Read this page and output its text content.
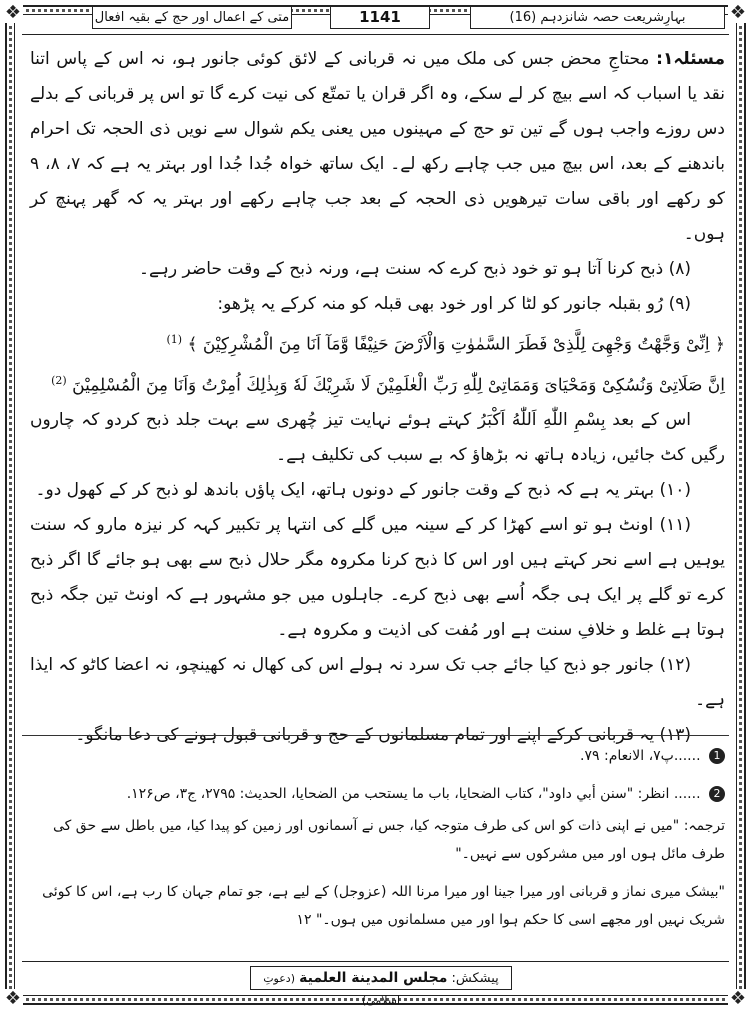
❖	❖
❖	❖
بہارِشریعت حصہ شانزدہم (16)
1141
متی کے اعمال اور حج کے بقیہ افعال

مسئلہ۱: محتاجِ محض جس کی ملک میں نہ قربانی کے لائق کوئی جانور ہو، نہ اس کے پاس اتنا نقد یا اسباب کہ اسے بیچ کر لے سکے، وہ اگر قران یا تمتّع کی نیت کرے گا تو اس پر قربانی کے بدلے دس روزے واجب ہوں گے تین تو حج کے مہینوں میں یعنی یکم شوال سے نویں ذی الحجہ تک احرام باندھنے کے بعد، اس بیچ میں جب چاہے رکھ لے۔ ایک ساتھ خواہ جُدا جُدا اور بہتر یہ ہے کہ ۷، ۸، ۹ کو رکھے اور باقی سات تیرھویں ذی الحجہ کے بعد جب چاہے رکھے اور بہتر یہ کہ گھر پہنچ کر ہوں۔

(۸) ذبح کرنا آتا ہو تو خود ذبح کرے کہ سنت ہے، ورنہ ذبح کے وقت حاضر رہے۔

(۹) رُو بقبلہ جانور کو لٹا کر اور خود بھی قبلہ کو منہ کرکے یہ پڑھو:

﴿ اِنِّىْ وَجَّهْتُ وَجْهِىَ لِلَّذِىْ فَطَرَ السَّمٰوٰتِ وَالْاَرْضَ حَنِيْفًا وَّمَآ اَنَا مِنَ الْمُشْرِكِيْنَ ﴾ $^{(1)}$

اِنَّ صَلَاتِىْ وَنُسُكِىْ وَمَحْيَاىَ وَمَمَاتِىْ لِلّٰهِ رَبِّ الْعٰلَمِيْنَ لَا شَرِيْكَ لَهٗ وَبِذٰلِكَ اُمِرْتُ وَاَنَا مِنَ الْمُسْلِمِيْنَ $^{(2)}$

اس کے بعد بِسْمِ اللّٰهِ اَللّٰهُ اَكْبَرُ کہتے ہوئے نہایت تیز چُھری سے بہت جلد ذبح کردو کہ چاروں رگیں کٹ جائیں، زیادہ ہاتھ نہ بڑھاؤ کہ بے سبب کی تکلیف ہے۔

(۱۰) بہتر یہ ہے کہ ذبح کے وقت جانور کے دونوں ہاتھ، ایک پاؤں باندھ لو ذبح کر کے کھول دو۔

(۱۱) اونٹ ہو تو اسے کھڑا کر کے سینہ میں گلے کی انتہا پر تکبیر کہہ کر نیزہ مارو کہ سنت یوہیں ہے اسے نحر کہتے ہیں اور اس کا ذبح کرنا مکروہ مگر حلال ذبح سے بھی ہو جائے گا اگر ذبح کرے تو گلے پر ایک ہی جگہ اُسے بھی ذبح کرے۔ جاہلوں میں جو مشہور ہے کہ اونٹ تین جگہ ذبح ہوتا ہے غلط و خلافِ سنت ہے اور مُفت کی اذیت و مکروہ ہے۔

(۱۲) جانور جو ذبح کیا جائے جب تک سرد نہ ہولے اس کی کھال نہ کھینچو، نہ اعضا کاٹو کہ ایذا ہے۔

(۱۳) یہ قربانی کرکے اپنے اور تمام مسلمانوں کے حج و قربانی قبول ہونے کی دعا مانگو۔

1 ......پ۷، الانعام: ۷۹.

2 ...... انظر: "سنن أبي داود"، كتاب الضحايا، باب ما يستحب من الضحايا، الحديث: ۲۷۹۵، ج۳، ص۱۲۶.

ترجمہ: "میں نے اپنی ذات کو اس کی طرف متوجہ کیا، جس نے آسمانوں اور زمین کو پیدا کیا، میں باطل سے حق کی طرف مائل ہوں اور میں مشرکوں سے نہیں۔"

"بیشک میری نماز و قربانی اور میرا جینا اور میرا مرنا اللہ (عزوجل) کے لیے ہے، جو تمام جہان کا رب ہے، اس کا کوئی شریک نہیں اور مجھے اسی کا حکم ہوا اور میں مسلمانوں میں ہوں۔" ۱۲

پیشکش: مجلس المدينة العلمية (دعوتِ اسلامی)
